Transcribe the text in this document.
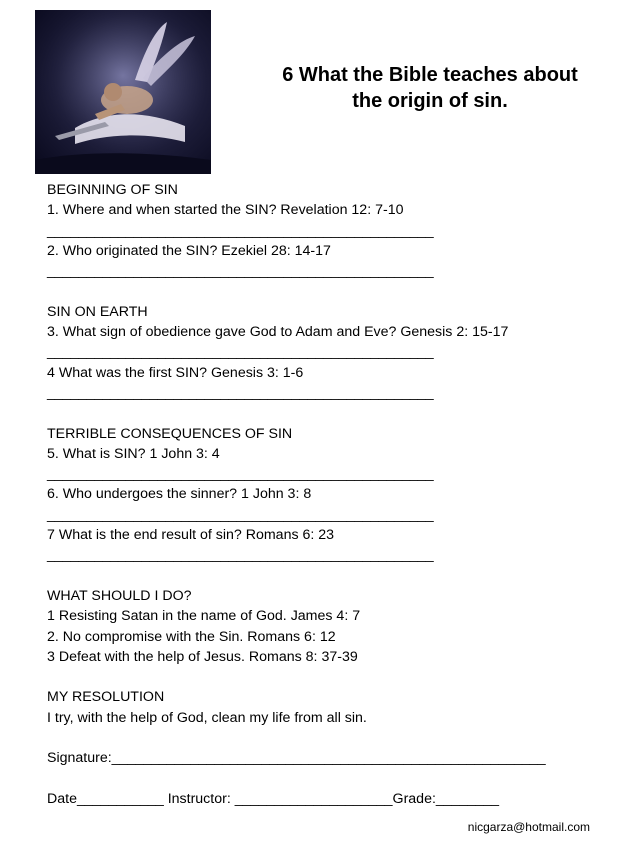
6 What the Bible teaches about
the origin of sin.
BEGINNING OF SIN
1. Where and when started the SIN? Revelation 12: 7-10
_________________________________________________
2. Who originated the SIN? Ezekiel 28: 14-17
_________________________________________________
SIN ON EARTH
3. What sign of obedience gave God to Adam and Eve? Genesis 2: 15-17
_________________________________________________
4 What was the first SIN? Genesis 3: 1-6
_________________________________________________
TERRIBLE CONSEQUENCES OF SIN
5. What is SIN? 1 John 3: 4
_________________________________________________
6. Who undergoes the sinner? 1 John 3: 8
_________________________________________________
7 What is the end result of sin? Romans 6: 23
_________________________________________________
WHAT SHOULD I DO?
1 Resisting Satan in the name of God. James 4: 7
2. No compromise with the Sin. Romans 6: 12
3 Defeat with the help of Jesus. Romans 8: 37-39
MY RESOLUTION
I try, with the help of God, clean my life from all sin.
Signature:_______________________________________________________
Date___________ Instructor: ____________________Grade:________
nicgarza@hotmail.com
